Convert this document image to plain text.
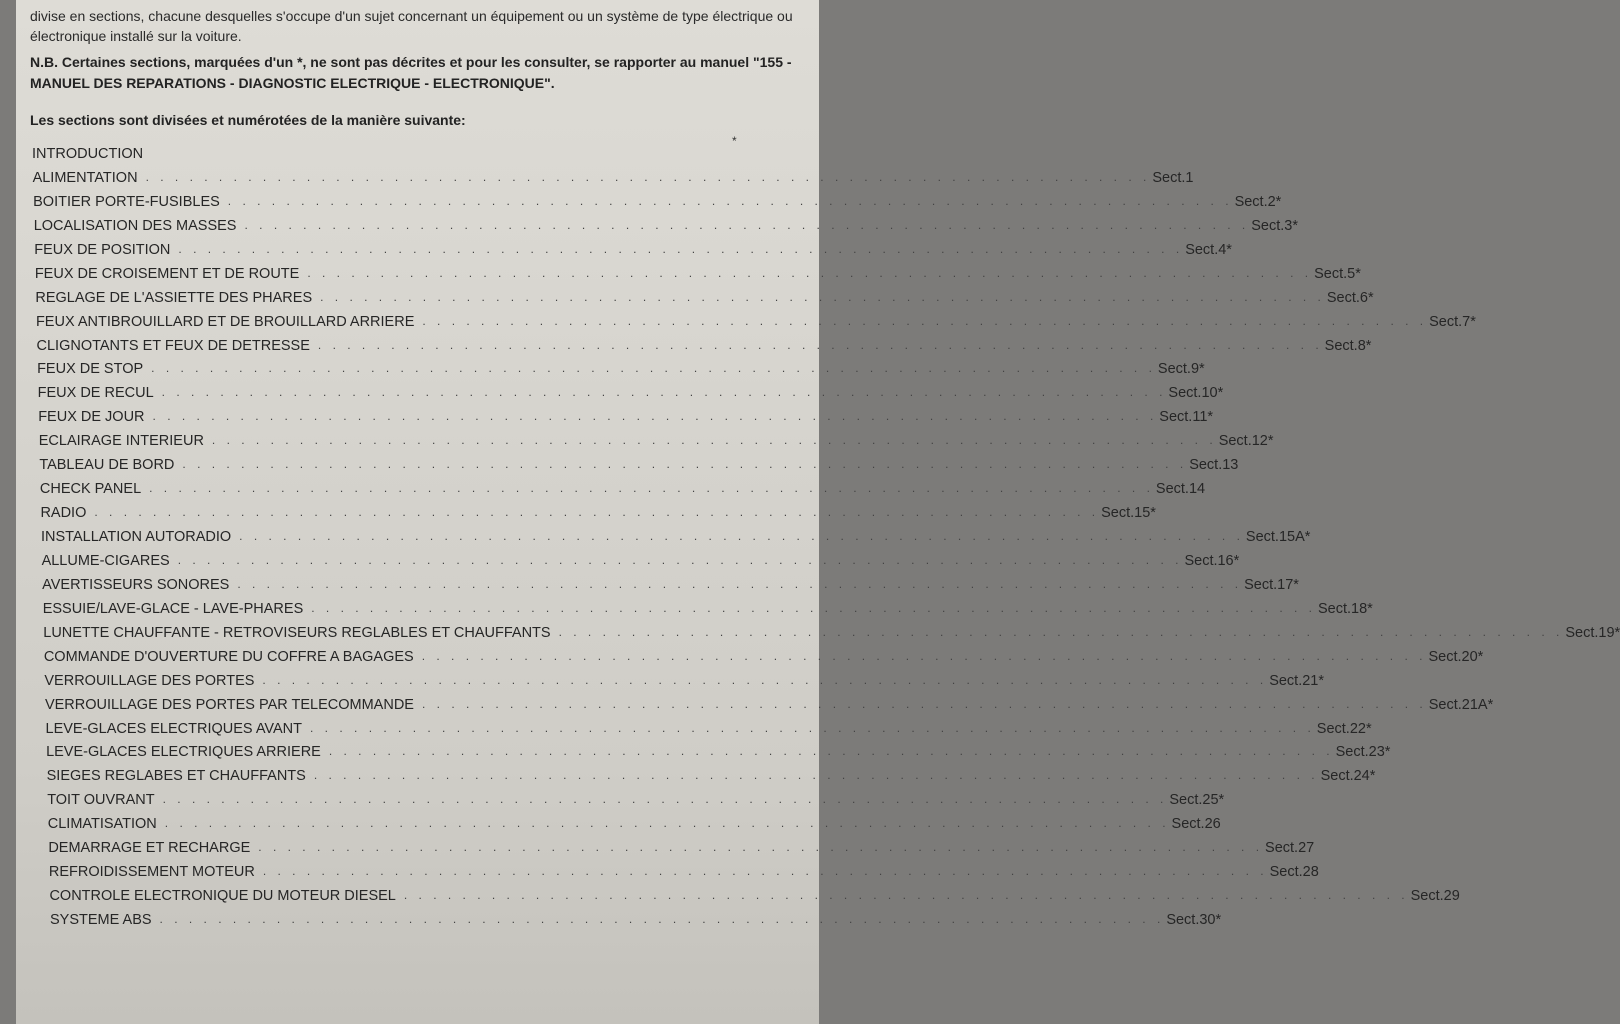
divise en sections, chacune desquelles s'occupe d'un sujet concernant un équipement ou un système de type électrique ou électronique installé sur la voiture.
N.B. Certaines sections, marquées d'un *, ne sont pas décrites et pour les consulter, se rapporter au manuel "155 - MANUEL DES REPARATIONS - DIAGNOSTIC ELECTRIQUE - ELECTRONIQUE".
Les sections sont divisées et numérotées de la manière suivante:
*
INTRODUCTION
ALIMENTATION . . . . . . . . . . . . . . . . . . . . . . . . . . . . . . . . . . . . . . . . . . . . . . . . . . . . . . . . . . . . . . . . . . . . . Sect.1
BOITIER PORTE-FUSIBLES . . . . . . . . . . . . . . . . . . . . . . . . . . . . . . . . . . . . . . . . . . . . . . . . . . . . . . . . . . . . . . . . . . . . . Sect.2*
LOCALISATION DES MASSES . . . . . . . . . . . . . . . . . . . . . . . . . . . . . . . . . . . . . . . . . . . . . . . . . . . . . . . . . . . . . . . . . . . . . Sect.3*
FEUX DE POSITION . . . . . . . . . . . . . . . . . . . . . . . . . . . . . . . . . . . . . . . . . . . . . . . . . . . . . . . . . . . . . . . . . . . . . Sect.4*
FEUX DE CROISEMENT ET DE ROUTE . . . . . . . . . . . . . . . . . . . . . . . . . . . . . . . . . . . . . . . . . . . . . . . . . . . . . . . . . . . . . . . . . . . . . Sect.5*
REGLAGE DE L'ASSIETTE DES PHARES . . . . . . . . . . . . . . . . . . . . . . . . . . . . . . . . . . . . . . . . . . . . . . . . . . . . . . . . . . . . . . . . . . . . . Sect.6*
FEUX ANTIBROUILLARD ET DE BROUILLARD ARRIERE . . . . . . . . . . . . . . . . . . . . . . . . . . . . . . . . . . . . . . . . . . . . . . . . . . . . . . . . . . . . . . . . . . . . . Sect.7*
CLIGNOTANTS ET FEUX DE DETRESSE . . . . . . . . . . . . . . . . . . . . . . . . . . . . . . . . . . . . . . . . . . . . . . . . . . . . . . . . . . . . . . . . . . . . . Sect.8*
FEUX DE STOP . . . . . . . . . . . . . . . . . . . . . . . . . . . . . . . . . . . . . . . . . . . . . . . . . . . . . . . . . . . . . . . . . . . . . Sect.9*
FEUX DE RECUL . . . . . . . . . . . . . . . . . . . . . . . . . . . . . . . . . . . . . . . . . . . . . . . . . . . . . . . . . . . . . . . . . . . . . Sect.10*
FEUX DE JOUR . . . . . . . . . . . . . . . . . . . . . . . . . . . . . . . . . . . . . . . . . . . . . . . . . . . . . . . . . . . . . . . . . . . . . Sect.11*
ECLAIRAGE INTERIEUR . . . . . . . . . . . . . . . . . . . . . . . . . . . . . . . . . . . . . . . . . . . . . . . . . . . . . . . . . . . . . . . . . . . . . Sect.12*
TABLEAU DE BORD . . . . . . . . . . . . . . . . . . . . . . . . . . . . . . . . . . . . . . . . . . . . . . . . . . . . . . . . . . . . . . . . . . . . . Sect.13
CHECK PANEL . . . . . . . . . . . . . . . . . . . . . . . . . . . . . . . . . . . . . . . . . . . . . . . . . . . . . . . . . . . . . . . . . . . . . Sect.14
RADIO . . . . . . . . . . . . . . . . . . . . . . . . . . . . . . . . . . . . . . . . . . . . . . . . . . . . . . . . . . . . . . . . . . . . . Sect.15*
INSTALLATION AUTORADIO . . . . . . . . . . . . . . . . . . . . . . . . . . . . . . . . . . . . . . . . . . . . . . . . . . . . . . . . . . . . . . . . . . . . . Sect.15A*
ALLUME-CIGARES . . . . . . . . . . . . . . . . . . . . . . . . . . . . . . . . . . . . . . . . . . . . . . . . . . . . . . . . . . . . . . . . . . . . . Sect.16*
AVERTISSEURS SONORES . . . . . . . . . . . . . . . . . . . . . . . . . . . . . . . . . . . . . . . . . . . . . . . . . . . . . . . . . . . . . . . . . . . . . Sect.17*
ESSUIE/LAVE-GLACE - LAVE-PHARES . . . . . . . . . . . . . . . . . . . . . . . . . . . . . . . . . . . . . . . . . . . . . . . . . . . . . . . . . . . . . . . . . . . . . Sect.18*
LUNETTE CHAUFFANTE - RETROVISEURS REGLABLES ET CHAUFFANTS . . . . . . . . . . . . . . . . . . . . . . . . . . . . . . . . . . . . . . . . . . . . . . . . . . . . . . . . . . . . . . . . . . . . . Sect.19*
COMMANDE D'OUVERTURE DU COFFRE A BAGAGES . . . . . . . . . . . . . . . . . . . . . . . . . . . . . . . . . . . . . . . . . . . . . . . . . . . . . . . . . . . . . . . . . . . . . Sect.20*
VERROUILLAGE DES PORTES . . . . . . . . . . . . . . . . . . . . . . . . . . . . . . . . . . . . . . . . . . . . . . . . . . . . . . . . . . . . . . . . . . . . . Sect.21*
VERROUILLAGE DES PORTES PAR TELECOMMANDE . . . . . . . . . . . . . . . . . . . . . . . . . . . . . . . . . . . . . . . . . . . . . . . . . . . . . . . . . . . . . . . . . . . . . Sect.21A*
LEVE-GLACES ELECTRIQUES AVANT . . . . . . . . . . . . . . . . . . . . . . . . . . . . . . . . . . . . . . . . . . . . . . . . . . . . . . . . . . . . . . . . . . . . . Sect.22*
LEVE-GLACES ELECTRIQUES ARRIERE . . . . . . . . . . . . . . . . . . . . . . . . . . . . . . . . . . . . . . . . . . . . . . . . . . . . . . . . . . . . . . . . . . . . . Sect.23*
SIEGES REGLABES ET CHAUFFANTS . . . . . . . . . . . . . . . . . . . . . . . . . . . . . . . . . . . . . . . . . . . . . . . . . . . . . . . . . . . . . . . . . . . . . Sect.24*
TOIT OUVRANT . . . . . . . . . . . . . . . . . . . . . . . . . . . . . . . . . . . . . . . . . . . . . . . . . . . . . . . . . . . . . . . . . . . . . Sect.25*
CLIMATISATION . . . . . . . . . . . . . . . . . . . . . . . . . . . . . . . . . . . . . . . . . . . . . . . . . . . . . . . . . . . . . . . . . . . . . Sect.26
DEMARRAGE ET RECHARGE . . . . . . . . . . . . . . . . . . . . . . . . . . . . . . . . . . . . . . . . . . . . . . . . . . . . . . . . . . . . . . . . . . . . . Sect.27
REFROIDISSEMENT MOTEUR . . . . . . . . . . . . . . . . . . . . . . . . . . . . . . . . . . . . . . . . . . . . . . . . . . . . . . . . . . . . . . . . . . . . . Sect.28
CONTROLE ELECTRONIQUE DU MOTEUR DIESEL . . . . . . . . . . . . . . . . . . . . . . . . . . . . . . . . . . . . . . . . . . . . . . . . . . . . . . . . . . . . . . . . . . . . . Sect.29
SYSTEME ABS . . . . . . . . . . . . . . . . . . . . . . . . . . . . . . . . . . . . . . . . . . . . . . . . . . . . . . . . . . . . . . . . . . . . . Sect.30*
